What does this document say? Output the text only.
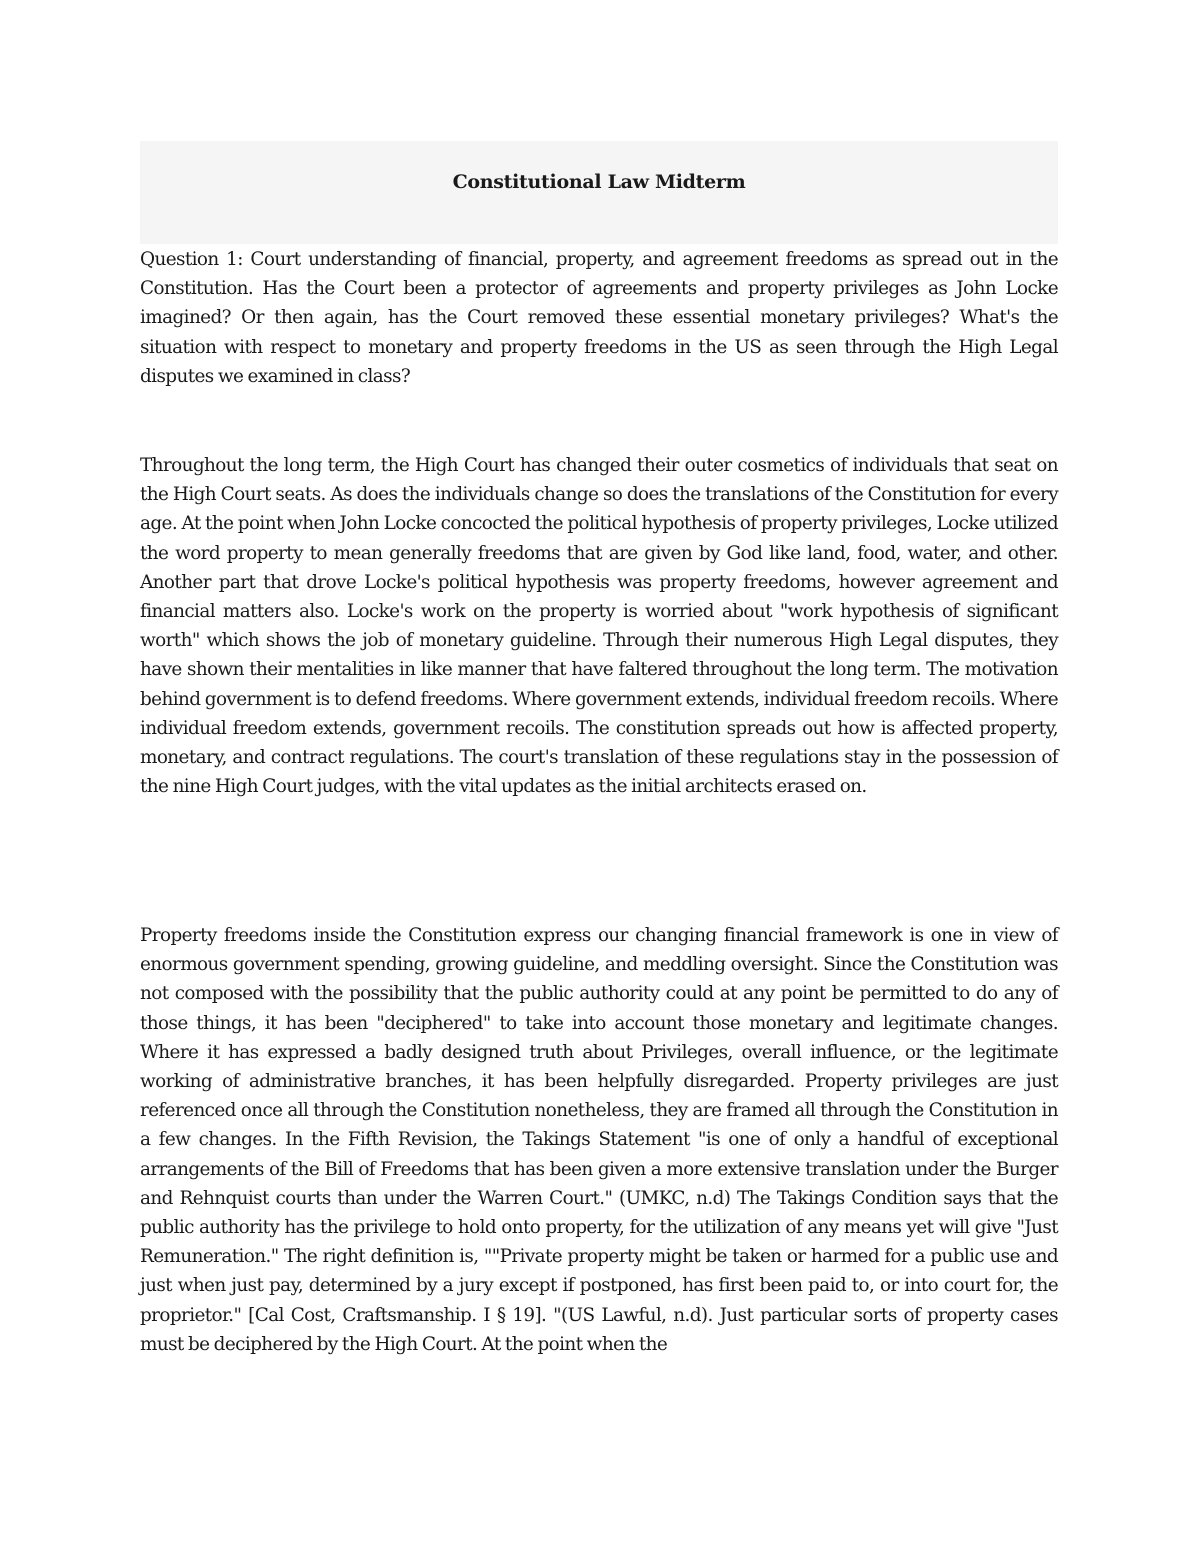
Constitutional Law Midterm

Question 1: Court understanding of financial, property, and agreement freedoms as spread out in the Constitution. Has the Court been a protector of agreements and property privileges as John Locke imagined? Or then again, has the Court removed these essential monetary privileges? What's the situation with respect to monetary and property freedoms in the US as seen through the High Legal disputes we examined in class?

Throughout the long term, the High Court has changed their outer cosmetics of individuals that seat on the High Court seats. As does the individuals change so does the translations of the Constitution for every age. At the point when John Locke concocted the political hypothesis of property privileges, Locke utilized the word property to mean generally freedoms that are given by God like land, food, water, and other. Another part that drove Locke's political hypothesis was property freedoms, however agreement and financial matters also. Locke's work on the property is worried about "work hypothesis of significant worth" which shows the job of monetary guideline. Through their numerous High Legal disputes, they have shown their mentalities in like manner that have faltered throughout the long term. The motivation behind government is to defend freedoms. Where government extends, individual freedom recoils. Where individual freedom extends, government recoils. The constitution spreads out how is affected property, monetary, and contract regulations. The court's translation of these regulations stay in the possession of the nine High Court judges, with the vital updates as the initial architects erased on.

Property freedoms inside the Constitution express our changing financial framework is one in view of enormous government spending, growing guideline, and meddling oversight. Since the Constitution was not composed with the possibility that the public authority could at any point be permitted to do any of those things, it has been "deciphered" to take into account those monetary and legitimate changes. Where it has expressed a badly designed truth about Privileges, overall influence, or the legitimate working of administrative branches, it has been helpfully disregarded. Property privileges are just referenced once all through the Constitution nonetheless, they are framed all through the Constitution in a few changes. In the Fifth Revision, the Takings Statement "is one of only a handful of exceptional arrangements of the Bill of Freedoms that has been given a more extensive translation under the Burger and Rehnquist courts than under the Warren Court." (UMKC, n.d) The Takings Condition says that the public authority has the privilege to hold onto property, for the utilization of any means yet will give "Just Remuneration." The right definition is, ""Private property might be taken or harmed for a public use and just when just pay, determined by a jury except if postponed, has first been paid to, or into court for, the proprietor." [Cal Cost, Craftsmanship. I § 19]. "(US Lawful, n.d). Just particular sorts of property cases must be deciphered by the High Court. At the point when the
